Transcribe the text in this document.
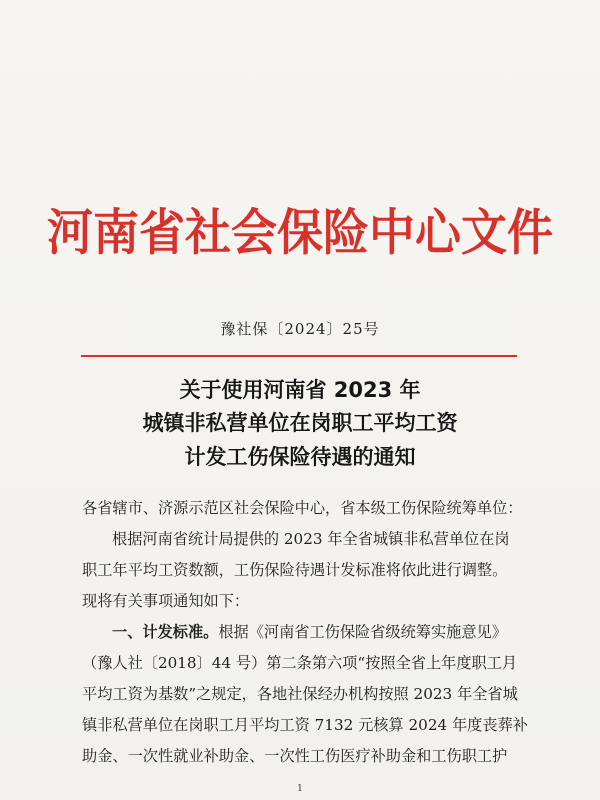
河南省社会保险中心文件
豫社保〔2024〕25号
关于使用河南省 2023 年
城镇非私营单位在岗职工平均工资
计发工伤保险待遇的通知
各省辖市、济源示范区社会保险中心，省本级工伤保险统筹单位：
根据河南省统计局提供的 2023 年全省城镇非私营单位在岗
职工年平均工资数额，工伤保险待遇计发标准将依此进行调整。
现将有关事项通知如下：
一、计发标准。根据《河南省工伤保险省级统筹实施意见》
（豫人社〔2018〕44 号）第二条第六项“按照全省上年度职工月
平均工资为基数”之规定，各地社保经办机构按照 2023 年全省城
镇非私营单位在岗职工月平均工资 7132 元核算 2024 年度丧葬补
助金、一次性就业补助金、一次性工伤医疗补助金和工伤职工护
1
